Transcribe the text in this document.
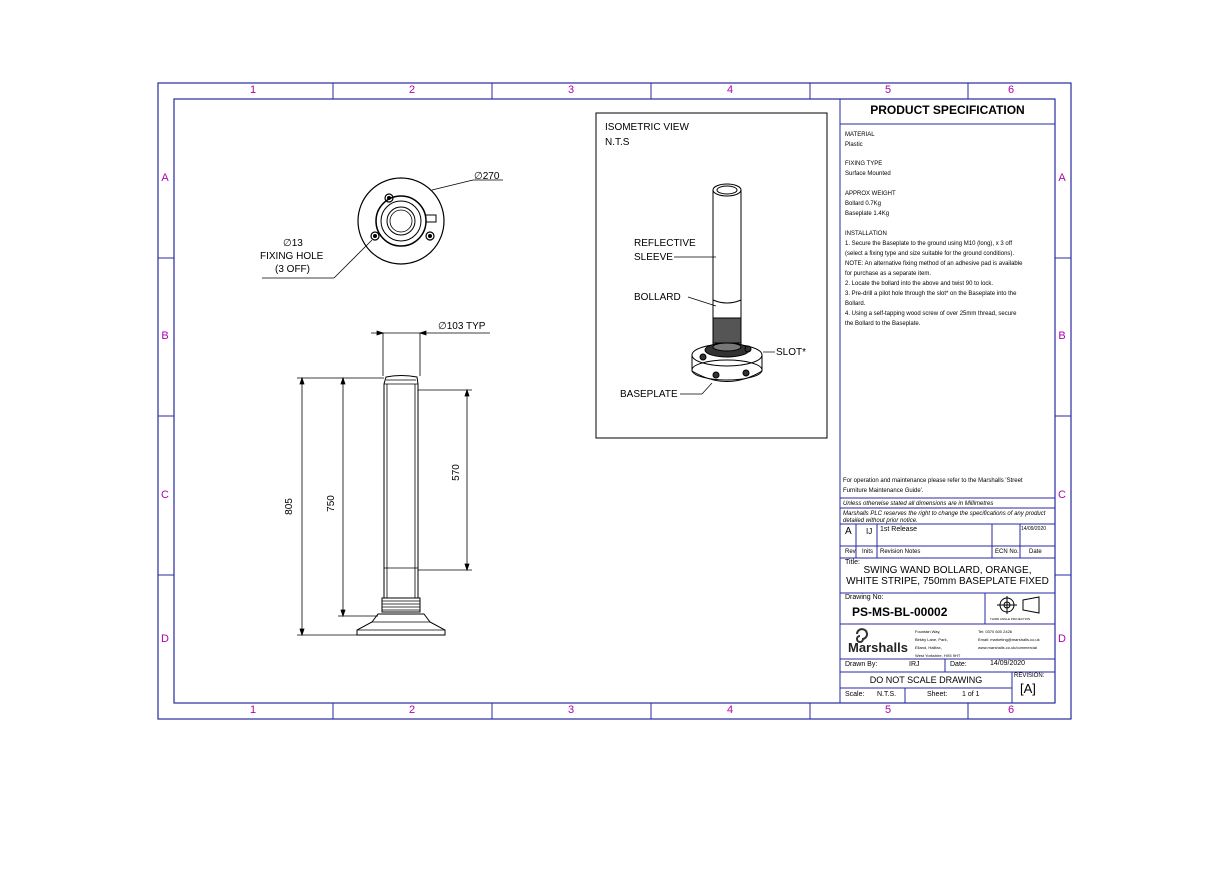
1	2	3	4	5	6
1	2	3	4	5	6
A
B
C
D
A
B
C
D
∅270
∅13
FIXING HOLE
(3 OFF)
∅103 TYP
805	750
570
ISOMETRIC VIEW
N.T.S
REFLECTIVE
SLEEVE
BOLLARD
SLOT*
BASEPLATE
PRODUCT SPECIFICATION
MATERIAL
Plastic
FIXING TYPE
Surface Mounted
APPROX WEIGHT
Bollard 0.7Kg
Baseplate 1.4Kg
INSTALLATION
1. Secure the Baseplate to the ground using M10 (long), x 3 off
(select a fixing type and size suitable for the ground conditions).
NOTE: An alternative fixing method of an adhesive pad is available
for purchase as a separate item.
2. Locate the bollard into the above and twist 90 to lock.
3. Pre-drill a pilot hole through the slot* on the Baseplate into the
Bollard.
4. Using a self-tapping wood screw of over 25mm thread, secure
the Bollard to the Baseplate.
For operation and maintenance please refer to the Marshalls 'Street
Furniture Maintenance Guide'.
Unless otherwise stated all dimensions are in Millimetres
Marshalls PLC reserves the right to change the specifications of any product
detailed without prior notice.
A IJ 1st Release	14/09/2020
Rev Inits Revision Notes	ECN No. Date
Title:
SWING WAND BOLLARD, ORANGE,
WHITE STRIPE, 750mm BASEPLATE FIXED
Drawing No:
PS-MS-BL-00002	THIRD ANGLE PROJECTION
Marshalls
Fountain Way,
Birkby Lane, Park,
Elland, Halifax,
West Yorkshire, HX5 9HT
Tel: 0370 600 2426
Email: marketing@marshalls.co.uk
www.marshalls.co.uk/commercial
Drawn By:	IRJ	Date:	14/09/2020
DO NOT SCALE DRAWING	REVISION:
[A]
Scale: N.T.S.	Sheet: 1 of 1
